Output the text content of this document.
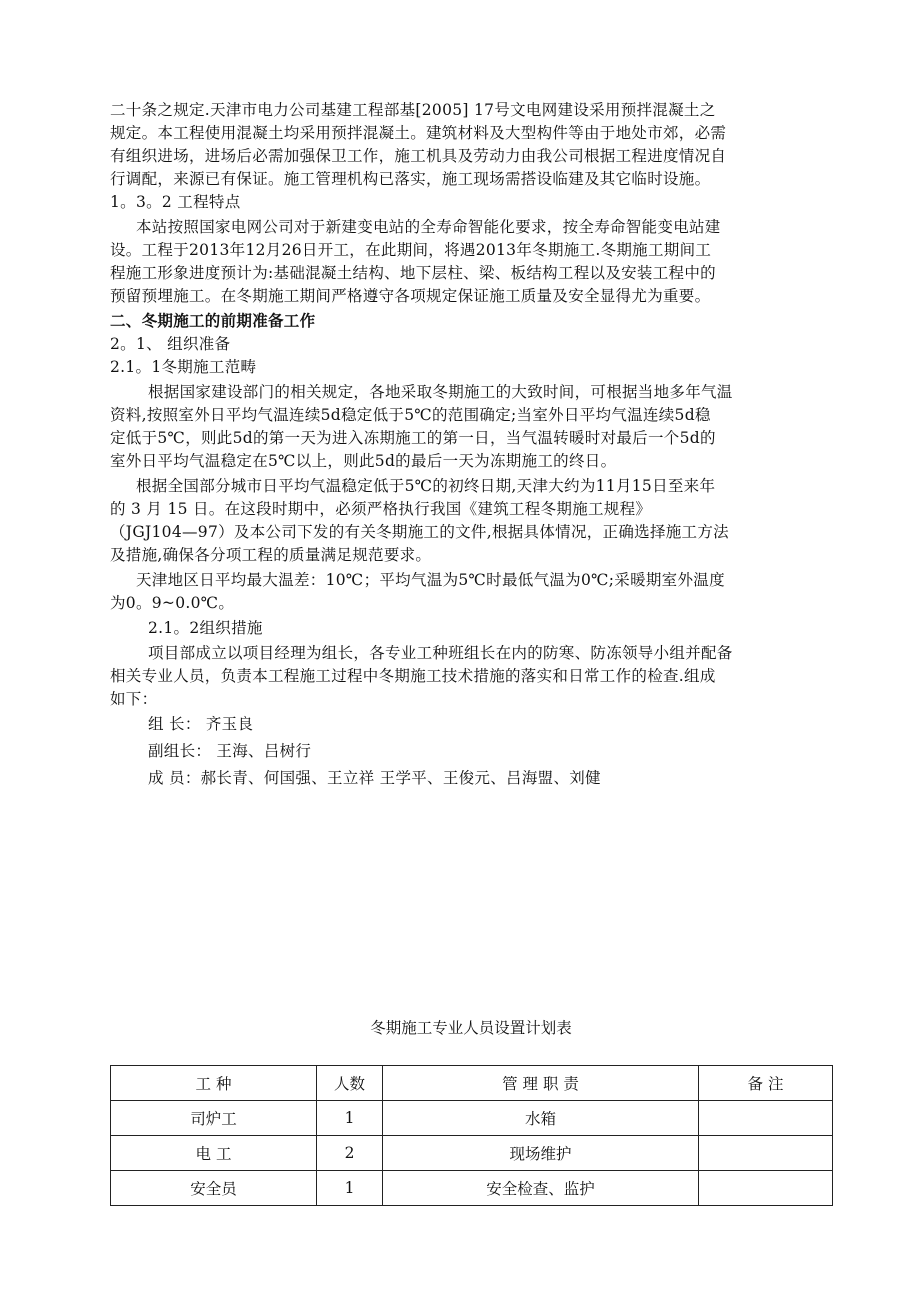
二十条之规定.天津市电力公司基建工程部基[2005] 17号文电网建设采用预拌混凝土之
规定。本工程使用混凝土均采用预拌混凝土。建筑材料及大型构件等由于地处市郊，必需
有组织进场，进场后必需加强保卫工作，施工机具及劳动力由我公司根据工程进度情况自
行调配，来源已有保证。施工管理机构已落实，施工现场需搭设临建及其它临时设施。
1。3。2 工程特点
本站按照国家电网公司对于新建变电站的全寿命智能化要求，按全寿命智能变电站建
设。工程于2013年12月26日开工，在此期间，将遇2013年冬期施工.冬期施工期间工
程施工形象进度预计为:基础混凝土结构、地下层柱、梁、板结构工程以及安装工程中的
预留预埋施工。在冬期施工期间严格遵守各项规定保证施工质量及安全显得尤为重要。
二、冬期施工的前期准备工作
2。1、 组织准备
2.1。1冬期施工范畴
根据国家建设部门的相关规定，各地采取冬期施工的大致时间，可根据当地多年气温
资料,按照室外日平均气温连续5d稳定低于5℃的范围确定;当室外日平均气温连续5d稳
定低于5℃，则此5d的第一天为进入冻期施工的第一日，当气温转暖时对最后一个5d的
室外日平均气温稳定在5℃以上，则此5d的最后一天为冻期施工的终日。
根据全国部分城市日平均气温稳定低于5℃的初终日期,天津大约为11月15日至来年
的 3 月 15 日。在这段时期中，必须严格执行我国《建筑工程冬期施工规程》
（JGJ104—97）及本公司下发的有关冬期施工的文件,根据具体情况，正确选择施工方法
及措施,确保各分项工程的质量满足规范要求。
天津地区日平均最大温差：10℃；平均气温为5℃时最低气温为0℃;采暖期室外温度
为0。9~0.0℃。
2.1。2组织措施
项目部成立以项目经理为组长，各专业工种班组长在内的防寒、防冻领导小组并配备
相关专业人员，负责本工程施工过程中冬期施工技术措施的落实和日常工作的检查.组成
如下：
组 长： 齐玉良
副组长： 王海、吕树行
成 员：郝长青、何国强、王立祥 王学平、王俊元、吕海盟、刘健
冬期施工专业人员设置计划表
工 种	人数	管 理 职 责	备 注
司炉工	1	水箱	
电 工	2	现场维护	
安全员	1	安全检查、监护	
